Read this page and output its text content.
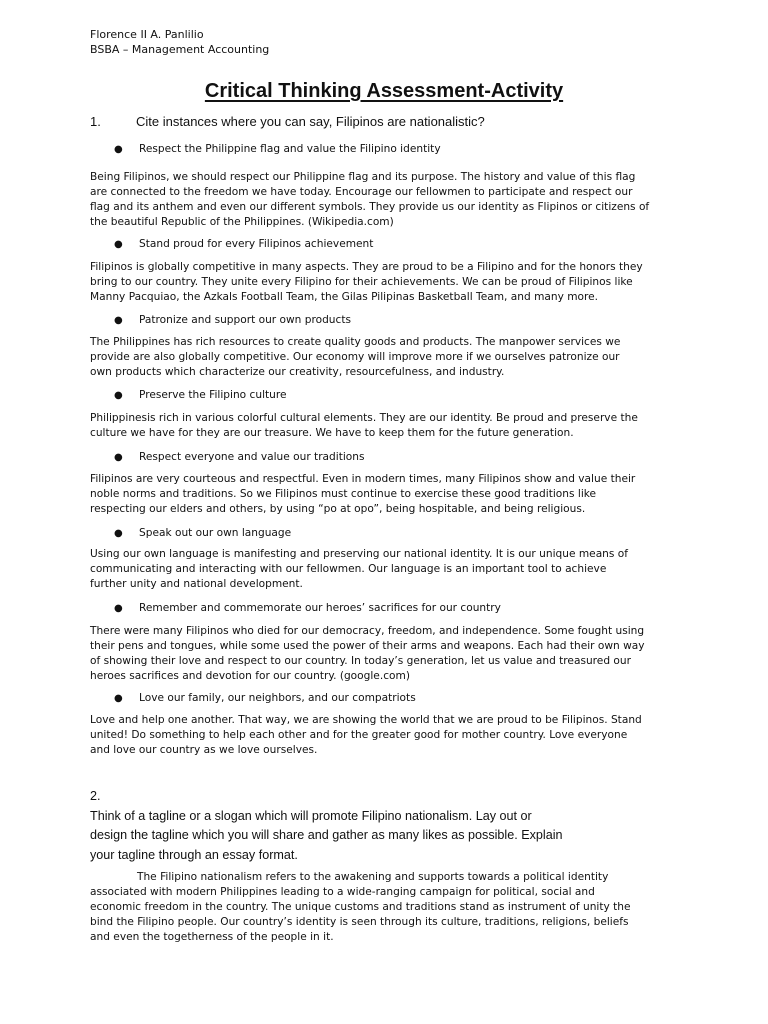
Florence II A. Panlilio
BSBA – Management Accounting
Critical Thinking Assessment-Activity
1.	Cite instances where you can say, Filipinos are nationalistic?
● Respect the Philippine flag and value the Filipino identity

Being Filipinos, we should respect our Philippine flag and its purpose. The history and value of this flag
are connected to the freedom we have today. Encourage our fellowmen to participate and respect our
flag and its anthem and even our different symbols. They provide us our identity as Flipinos or citizens of
the beautiful Republic of the Philippines. (Wikipedia.com)

● Stand proud for every Filipinos achievement

Filipinos is globally competitive in many aspects. They are proud to be a Filipino and for the honors they
bring to our country. They unite every Filipino for their achievements. We can be proud of Filipinos like
Manny Pacquiao, the Azkals Football Team, the Gilas Pilipinas Basketball Team, and many more.

● Patronize and support our own products

The Philippines has rich resources to create quality goods and products. The manpower services we
provide are also globally competitive. Our economy will improve more if we ourselves patronize our
own products which characterize our creativity, resourcefulness, and industry.

● Preserve the Filipino culture

Philippinesis rich in various colorful cultural elements. They are our identity. Be proud and preserve the
culture we have for they are our treasure. We have to keep them for the future generation.

● Respect everyone and value our traditions

Filipinos are very courteous and respectful. Even in modern times, many Filipinos show and value their
noble norms and traditions. So we Filipinos must continue to exercise these good traditions like
respecting our elders and others, by using “po at opo”, being hospitable, and being religious.

● Speak out our own language

Using our own language is manifesting and preserving our national identity. It is our unique means of
communicating and interacting with our fellowmen. Our language is an important tool to achieve
further unity and national development.

● Remember and commemorate our heroes’ sacrifices for our country

There were many Filipinos who died for our democracy, freedom, and independence. Some fought using
their pens and tongues, while some used the power of their arms and weapons. Each had their own way
of showing their love and respect to our country. In today’s generation, let us value and treasured our
heroes sacrifices and devotion for our country. (google.com)

● Love our family, our neighbors, and our compatriots

Love and help one another. That way, we are showing the world that we are proud to be Filipinos. Stand
united! Do something to help each other and for the greater good for mother country. Love everyone
and love our country as we love ourselves.

2.
Think of a tagline or a slogan which will promote Filipino nationalism. Lay out or
design the tagline which you will share and gather as many likes as possible. Explain
your tagline through an essay format.

The Filipino nationalism refers to the awakening and supports towards a political identity
associated with modern Philippines leading to a wide-ranging campaign for political, social and
economic freedom in the country. The unique customs and traditions stand as instrument of unity the
bind the Filipino people. Our country’s identity is seen through its culture, traditions, religions, beliefs
and even the togetherness of the people in it.
